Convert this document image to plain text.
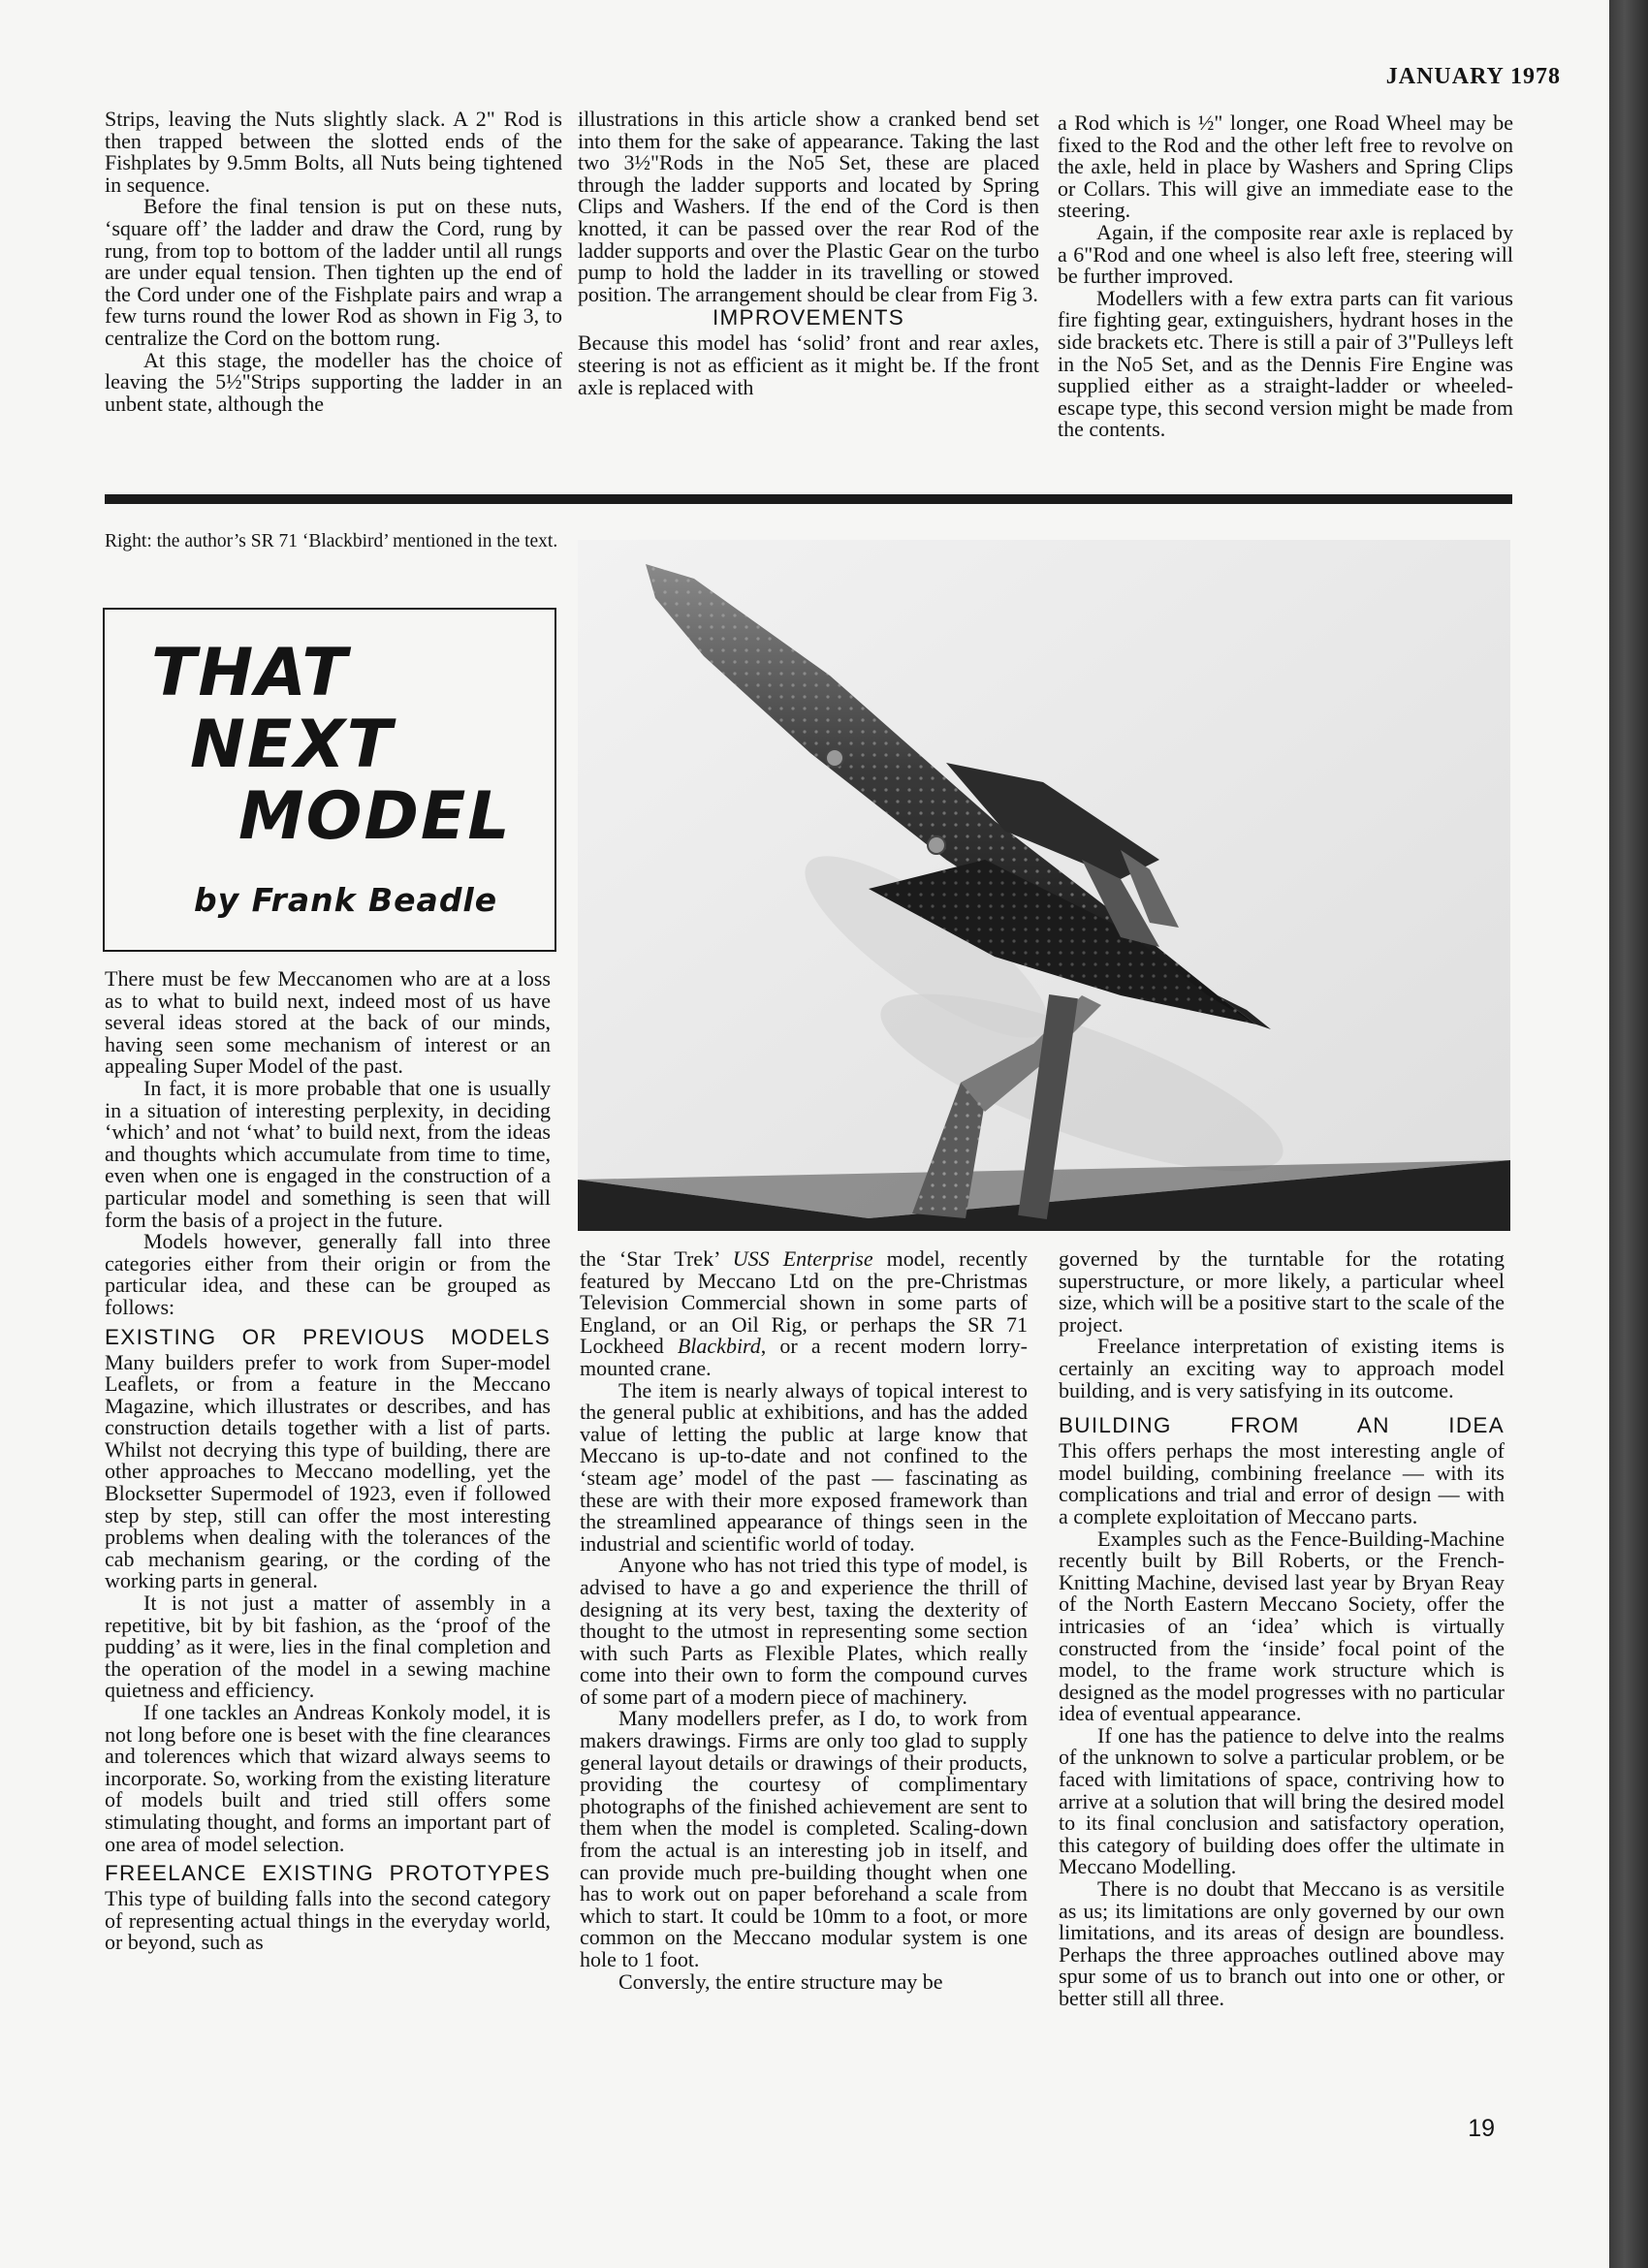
JANUARY 1978

Strips, leaving the Nuts slightly slack. A 2" Rod is then trapped between the slotted ends of the Fishplates by 9.5mm Bolts, all Nuts being tightened in sequence.

Before the final tension is put on these nuts, ‘square off’ the ladder and draw the Cord, rung by rung, from top to bottom of the ladder until all rungs are under equal tension. Then tighten up the end of the Cord under one of the Fishplate pairs and wrap a few turns round the lower Rod as shown in Fig 3, to centralize the Cord on the bottom rung.

At this stage, the modeller has the choice of leaving the 5½"Strips supporting the ladder in an unbent state, although the

illustrations in this article show a cranked bend set into them for the sake of appearance. Taking the last two 3½"Rods in the No5 Set, these are placed through the ladder supports and located by Spring Clips and Washers. If the end of the Cord is then knotted, it can be passed over the rear Rod of the ladder supports and over the Plastic Gear on the turbo pump to hold the ladder in its travelling or stowed position. The arrangement should be clear from Fig 3.

IMPROVEMENTS

Because this model has ‘solid’ front and rear axles, steering is not as efficient as it might be. If the front axle is replaced with

a Rod which is ½" longer, one Road Wheel may be fixed to the Rod and the other left free to revolve on the axle, held in place by Washers and Spring Clips or Collars. This will give an immediate ease to the steering.

Again, if the composite rear axle is replaced by a 6"Rod and one wheel is also left free, steering will be further improved.

Modellers with a few extra parts can fit various fire fighting gear, extinguishers, hydrant hoses in the side brackets etc. There is still a pair of 3"Pulleys left in the No5 Set, and as the Dennis Fire Engine was supplied either as a straight-ladder or wheeled-escape type, this second version might be made from the contents.

Right: the author’s SR 71 ‘Blackbird’ mentioned in the text.
THAT
NEXT
MODEL
by Frank Beadle

There must be few Meccanomen who are at a loss as to what to build next, indeed most of us have several ideas stored at the back of our minds, having seen some mechanism of interest or an appealing Super Model of the past.

In fact, it is more probable that one is usually in a situation of interesting perplexity, in deciding ‘which’ and not ‘what’ to build next, from the ideas and thoughts which accumulate from time to time, even when one is engaged in the construction of a particular model and something is seen that will form the basis of a project in the future.

Models however, generally fall into three categories either from their origin or from the particular idea, and these can be grouped as follows:

EXISTING OR PREVIOUS MODELS

Many builders prefer to work from Super-model Leaflets, or from a feature in the Meccano Magazine, which illustrates or describes, and has construction details together with a list of parts. Whilst not decrying this type of building, there are other approaches to Meccano modelling, yet the Blocksetter Supermodel of 1923, even if followed step by step, still can offer the most interesting problems when dealing with the tolerances of the cab mechanism gearing, or the cording of the working parts in general.

It is not just a matter of assembly in a repetitive, bit by bit fashion, as the ‘proof of the pudding’ as it were, lies in the final completion and the operation of the model in a sewing machine quietness and efficiency.

If one tackles an Andreas Konkoly model, it is not long before one is beset with the fine clearances and tolerences which that wizard always seems to incorporate. So, working from the existing literature of models built and tried still offers some stimulating thought, and forms an important part of one area of model selection.

FREELANCE EXISTING PROTOTYPES

This type of building falls into the second category of representing actual things in the everyday world, or beyond, such as

the ‘Star Trek’ USS Enterprise model, recently featured by Meccano Ltd on the pre-Christmas Television Commercial shown in some parts of England, or an Oil Rig, or perhaps the SR 71 Lockheed Blackbird, or a recent modern lorry-mounted crane.

The item is nearly always of topical interest to the general public at exhibitions, and has the added value of letting the public at large know that Meccano is up-to-date and not confined to the ‘steam age’ model of the past — fascinating as these are with their more exposed framework than the streamlined appearance of things seen in the industrial and scientific world of today.

Anyone who has not tried this type of model, is advised to have a go and experience the thrill of designing at its very best, taxing the dexterity of thought to the utmost in representing some section with such Parts as Flexible Plates, which really come into their own to form the compound curves of some part of a modern piece of machinery.

Many modellers prefer, as I do, to work from makers drawings. Firms are only too glad to supply general layout details or drawings of their products, providing the courtesy of complimentary photographs of the finished achievement are sent to them when the model is completed. Scaling-down from the actual is an interesting job in itself, and can provide much pre-building thought when one has to work out on paper beforehand a scale from which to start. It could be 10mm to a foot, or more common on the Meccano modular system is one hole to 1 foot.

Conversly, the entire structure may be

governed by the turntable for the rotating superstructure, or more likely, a particular wheel size, which will be a positive start to the scale of the project.

Freelance interpretation of existing items is certainly an exciting way to approach model building, and is very satisfying in its outcome.

BUILDING FROM AN IDEA

This offers perhaps the most interesting angle of model building, combining freelance — with its complications and trial and error of design — with a complete exploitation of Meccano parts.

Examples such as the Fence-Building-Machine recently built by Bill Roberts, or the French-Knitting Machine, devised last year by Bryan Reay of the North Eastern Meccano Society, offer the intricasies of an ‘idea’ which is virtually constructed from the ‘inside’ focal point of the model, to the frame work structure which is designed as the model progresses with no particular idea of eventual appearance.

If one has the patience to delve into the realms of the unknown to solve a particular problem, or be faced with limitations of space, contriving how to arrive at a solution that will bring the desired model to its final conclusion and satisfactory operation, this category of building does offer the ultimate in Meccano Modelling.

There is no doubt that Meccano is as versitile as us; its limitations are only governed by our own limitations, and its areas of design are boundless. Perhaps the three approaches outlined above may spur some of us to branch out into one or other, or better still all three.

19
